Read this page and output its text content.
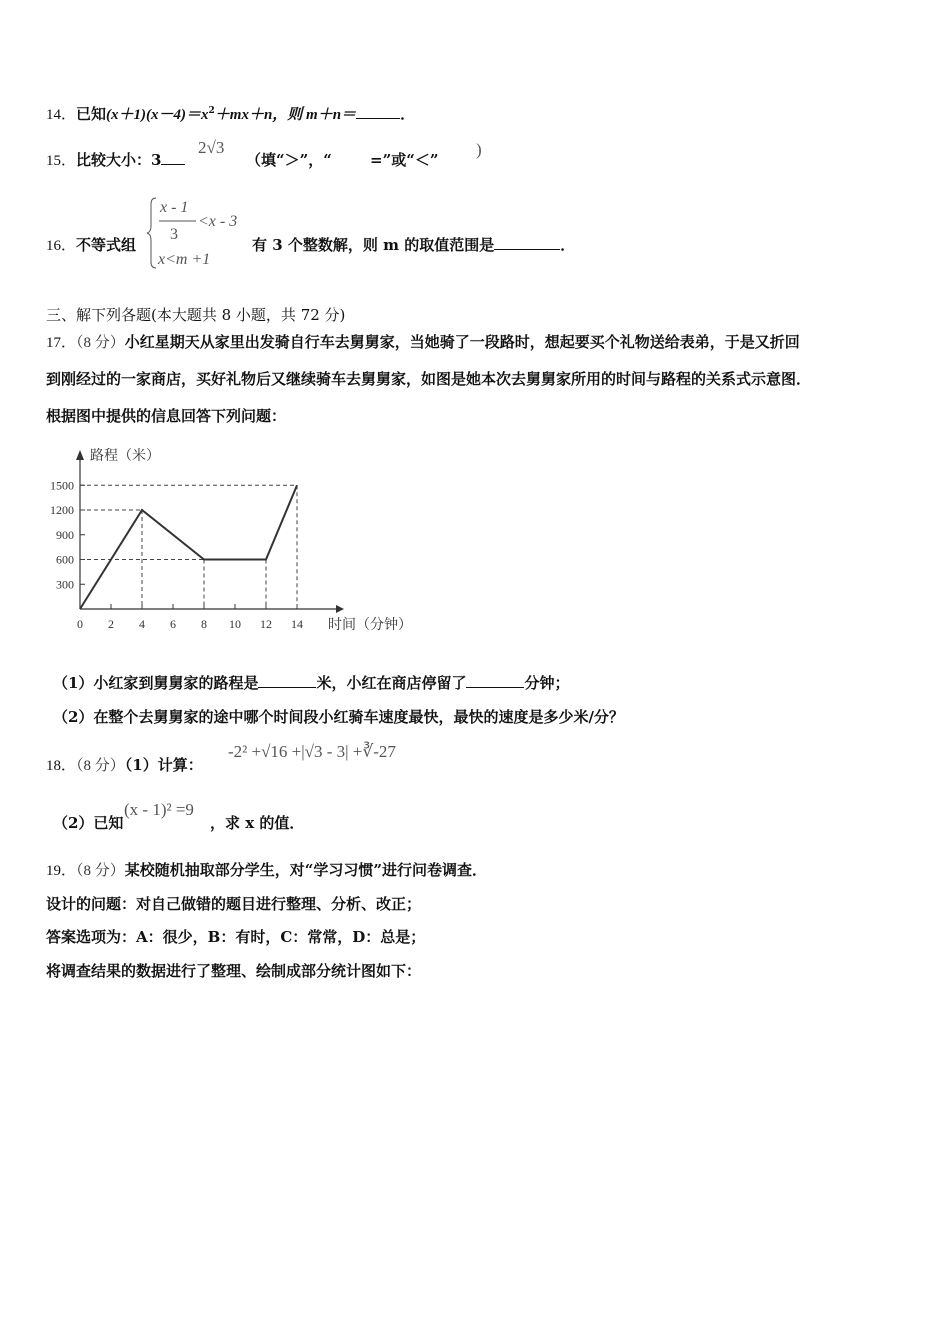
14．已知$(x+1)(x-4)=x^2+mx+n$，则 m＋n＝	．
15．比较大小：3
2√3
（填“＞”，“	=”或“＜”
)
16．不等式组
x - 1
3
<x - 3
x<m +1
有 3 个整数解，则 m 的取值范围是	．
三、解下列各题(本大题共 8 小题，共 72 分)
17．（8 分）小红星期天从家里出发骑自行车去舅舅家，当她骑了一段路时，想起要买个礼物送给表弟，于是又折回
到刚经过的一家商店，买好礼物后又继续骑车去舅舅家，如图是她本次去舅舅家所用的时间与路程的关系式示意图．
根据图中提供的信息回答下列问题：
路程（米）
时间（分钟）
0 2 4 6 8 10 12 14
300
600
900
1200
1500
（1）小红家到舅舅家的路程是	米，小红在商店停留了	分钟；
（2）在整个去舅舅家的途中哪个时间段小红骑车速度最快，最快的速度是多少米/分？
18．（8 分）（1）计算：
-2² +√16 +|√3 - 3| +∛-27
（2）已知
(x - 1)² =9
，求 x 的值．
19．（8 分）某校随机抽取部分学生，对“学习习惯”进行问卷调查．
设计的问题：对自己做错的题目进行整理、分析、改正；
答案选项为：A：很少，B：有时，C：常常，D：总是；
将调查结果的数据进行了整理、绘制成部分统计图如下：
